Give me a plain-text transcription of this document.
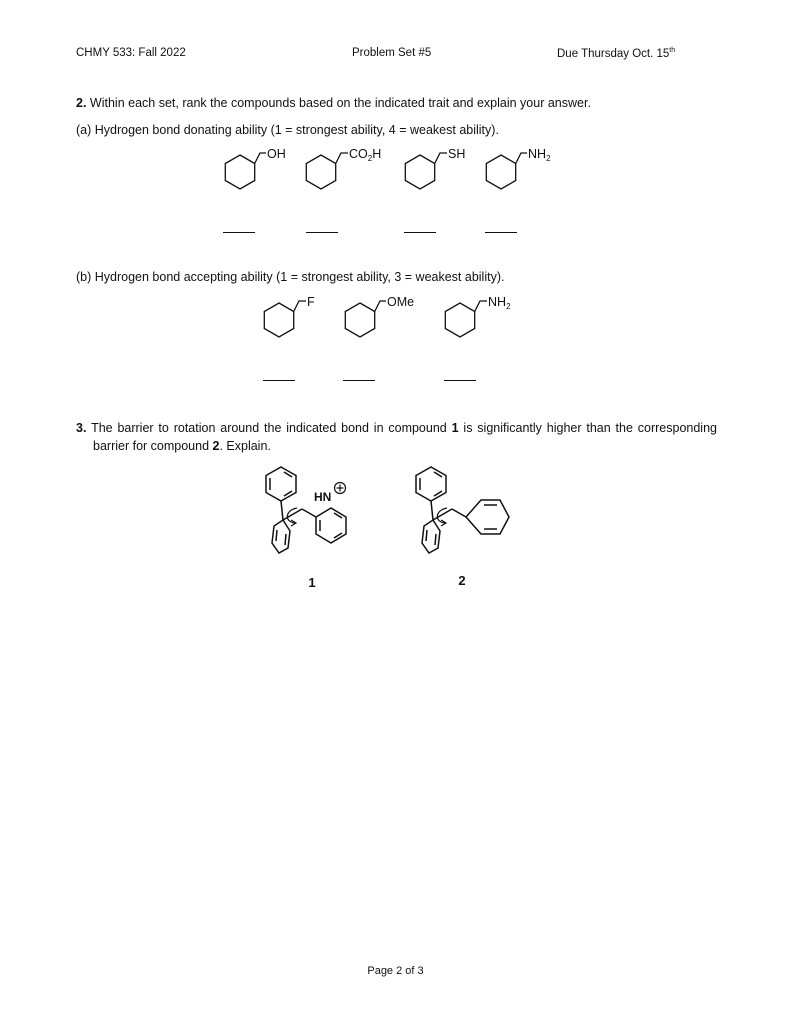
CHMY 533: Fall 2022	Problem Set #5	Due Thursday Oct. 15th
2. Within each set, rank the compounds based on the indicated trait and explain your answer.
(a) Hydrogen bond donating ability (1 = strongest ability, 4 = weakest ability).
(b) Hydrogen bond accepting ability (1 = strongest ability, 3 = weakest ability).
3. The barrier to rotation around the indicated bond in compound 1 is significantly higher than the corresponding barrier for compound 2. Explain.
OH	$CO_2H$	SH	$NH_2$
F	OMe	$NH_2$
HN
1	2
Page 2 of 3
